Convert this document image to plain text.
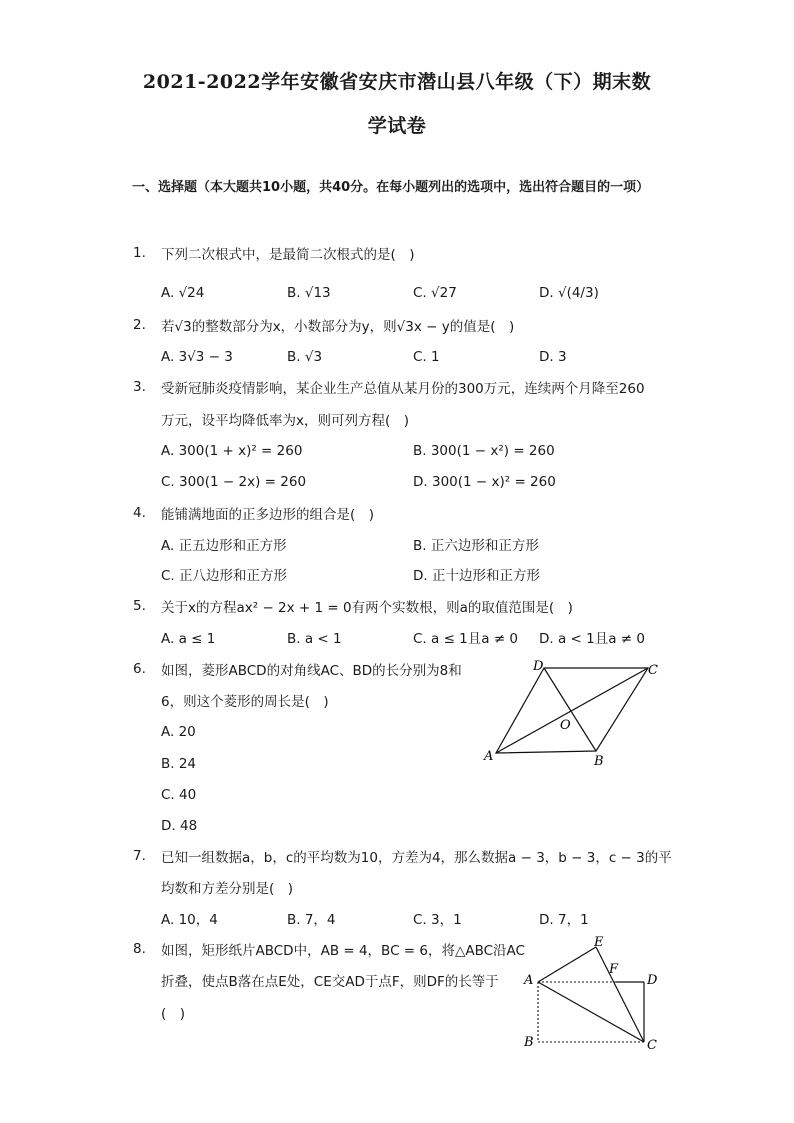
2021-2022学年安徽省安庆市潜山县八年级（下）期末数
学试卷
一、选择题（本大题共10小题，共40分。在每小题列出的选项中，选出符合题目的一项）
1. 下列二次根式中，是最简二次根式的是(　)
A. √24	B. √13	C. √27	D. √(4/3)
2. 若√3的整数部分为x，小数部分为y，则√3x − y的值是(　)
A. 3√3 − 3	B. √3	C. 1	D. 3
3. 受新冠肺炎疫情影响，某企业生产总值从某月份的300万元，连续两个月降至260
万元，设平均降低率为x，则可列方程(　)
A. 300(1 + x)² = 260	B. 300(1 − x²) = 260
C. 300(1 − 2x) = 260	D. 300(1 − x)² = 260
4. 能铺满地面的正多边形的组合是(　)
A. 正五边形和正方形	B. 正六边形和正方形
C. 正八边形和正方形	D. 正十边形和正方形
5. 关于x的方程ax² − 2x + 1 = 0有两个实数根，则a的取值范围是(　)
A. a ≤ 1	B. a < 1	C. a ≤ 1且a ≠ 0 D. a < 1且a ≠ 0
6. 如图，菱形ABCD的对角线AC、BD的长分别为8和
6，则这个菱形的周长是(　)
A. 20
B. 24
C. 40
D. 48
D	C
O
A	B
7. 已知一组数据a，b，c的平均数为10，方差为4，那么数据a − 3，b − 3，c − 3的平
均数和方差分别是(　)
A. 10，4	B. 7，4	C. 3，1	D. 7，1
8. 如图，矩形纸片ABCD中，AB = 4，BC = 6，将△ABC沿AC
折叠，使点B落在点E处，CE交AD于点F，则DF的长等于
(　)
E
F
A	D
B	C
